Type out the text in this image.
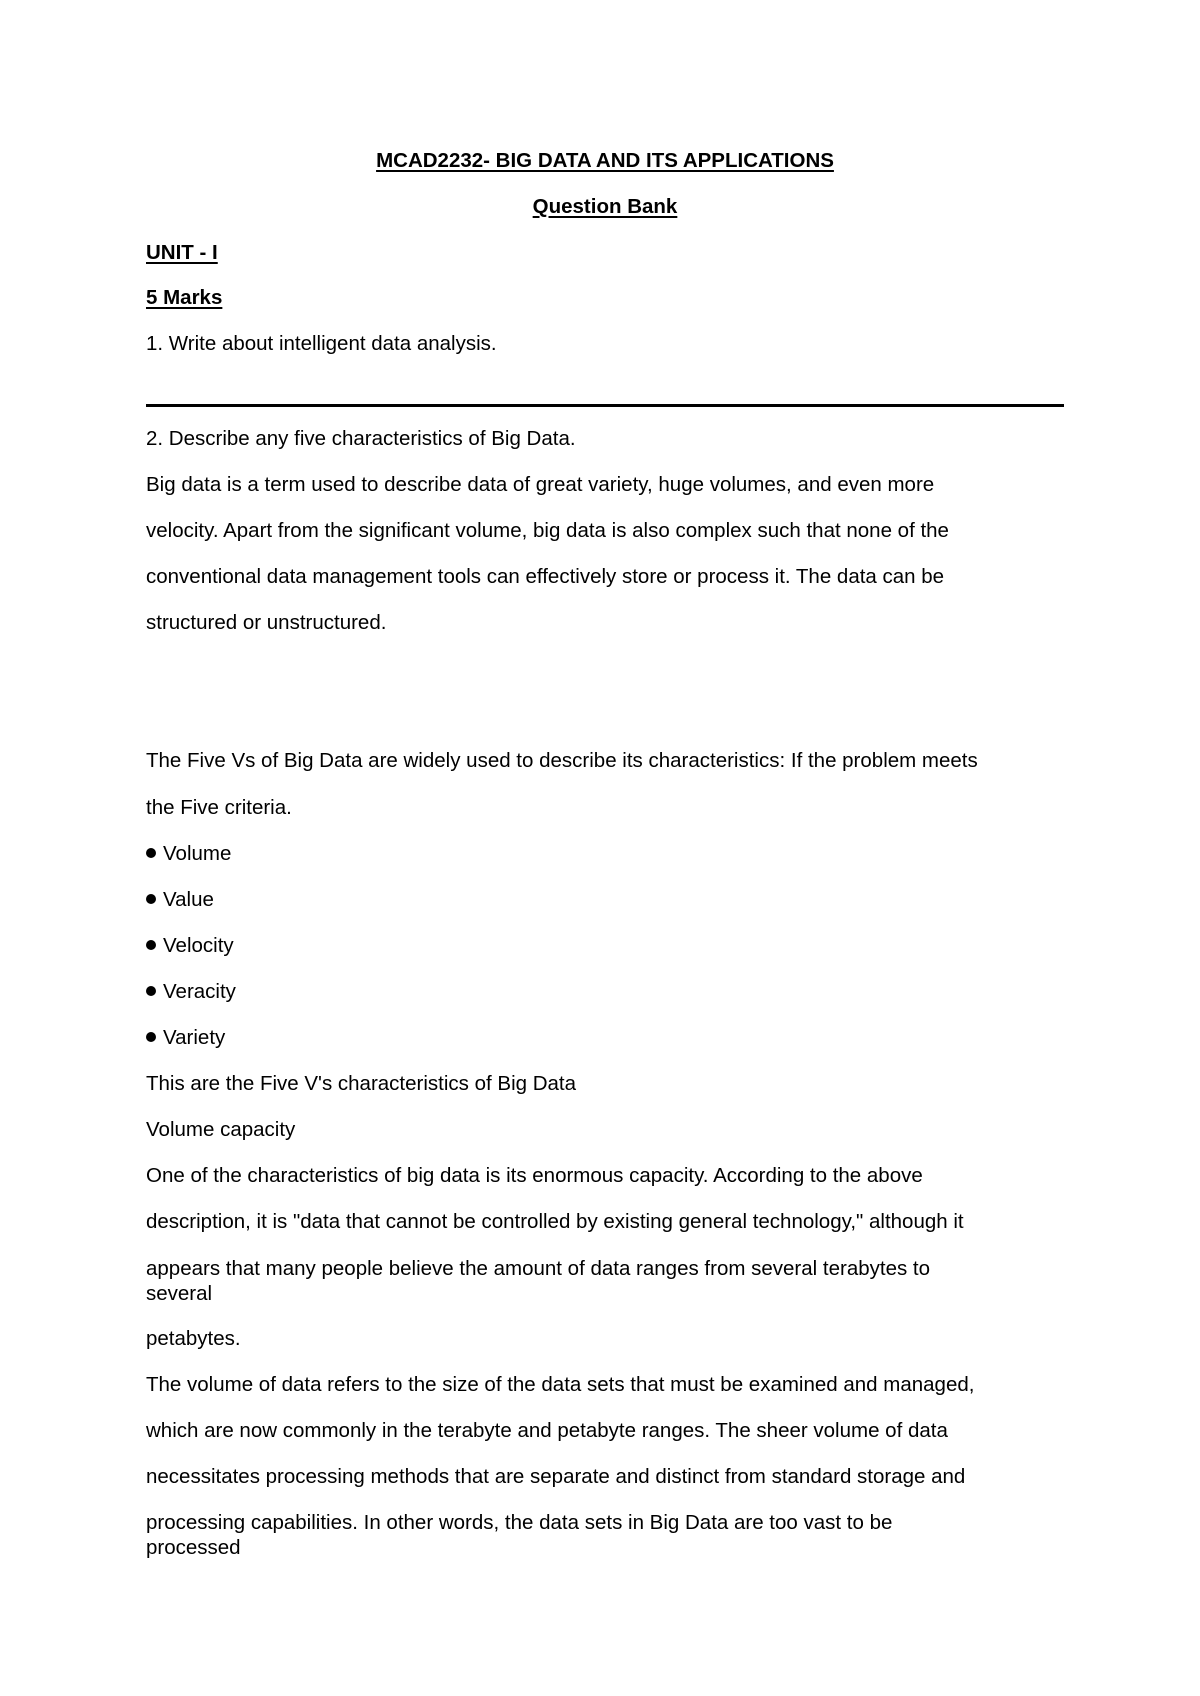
MCAD2232- BIG DATA AND ITS APPLICATIONS
Question Bank
UNIT - I
5 Marks
1. Write about intelligent data analysis.
2. Describe any five characteristics of Big Data.
Big data is a term used to describe data of great variety, huge volumes, and even more
velocity. Apart from the significant volume, big data is also complex such that none of the
conventional data management tools can effectively store or process it. The data can be
structured or unstructured.
The Five Vs of Big Data are widely used to describe its characteristics: If the problem meets
the Five criteria.
Volume
Value
Velocity
Veracity
Variety
This are the Five V's characteristics of Big Data
Volume capacity
One of the characteristics of big data is its enormous capacity. According to the above
description, it is "data that cannot be controlled by existing general technology," although it
appears that many people believe the amount of data ranges from several terabytes to
several
petabytes.
The volume of data refers to the size of the data sets that must be examined and managed,
which are now commonly in the terabyte and petabyte ranges. The sheer volume of data
necessitates processing methods that are separate and distinct from standard storage and
processing capabilities. In other words, the data sets in Big Data are too vast to be
processed
